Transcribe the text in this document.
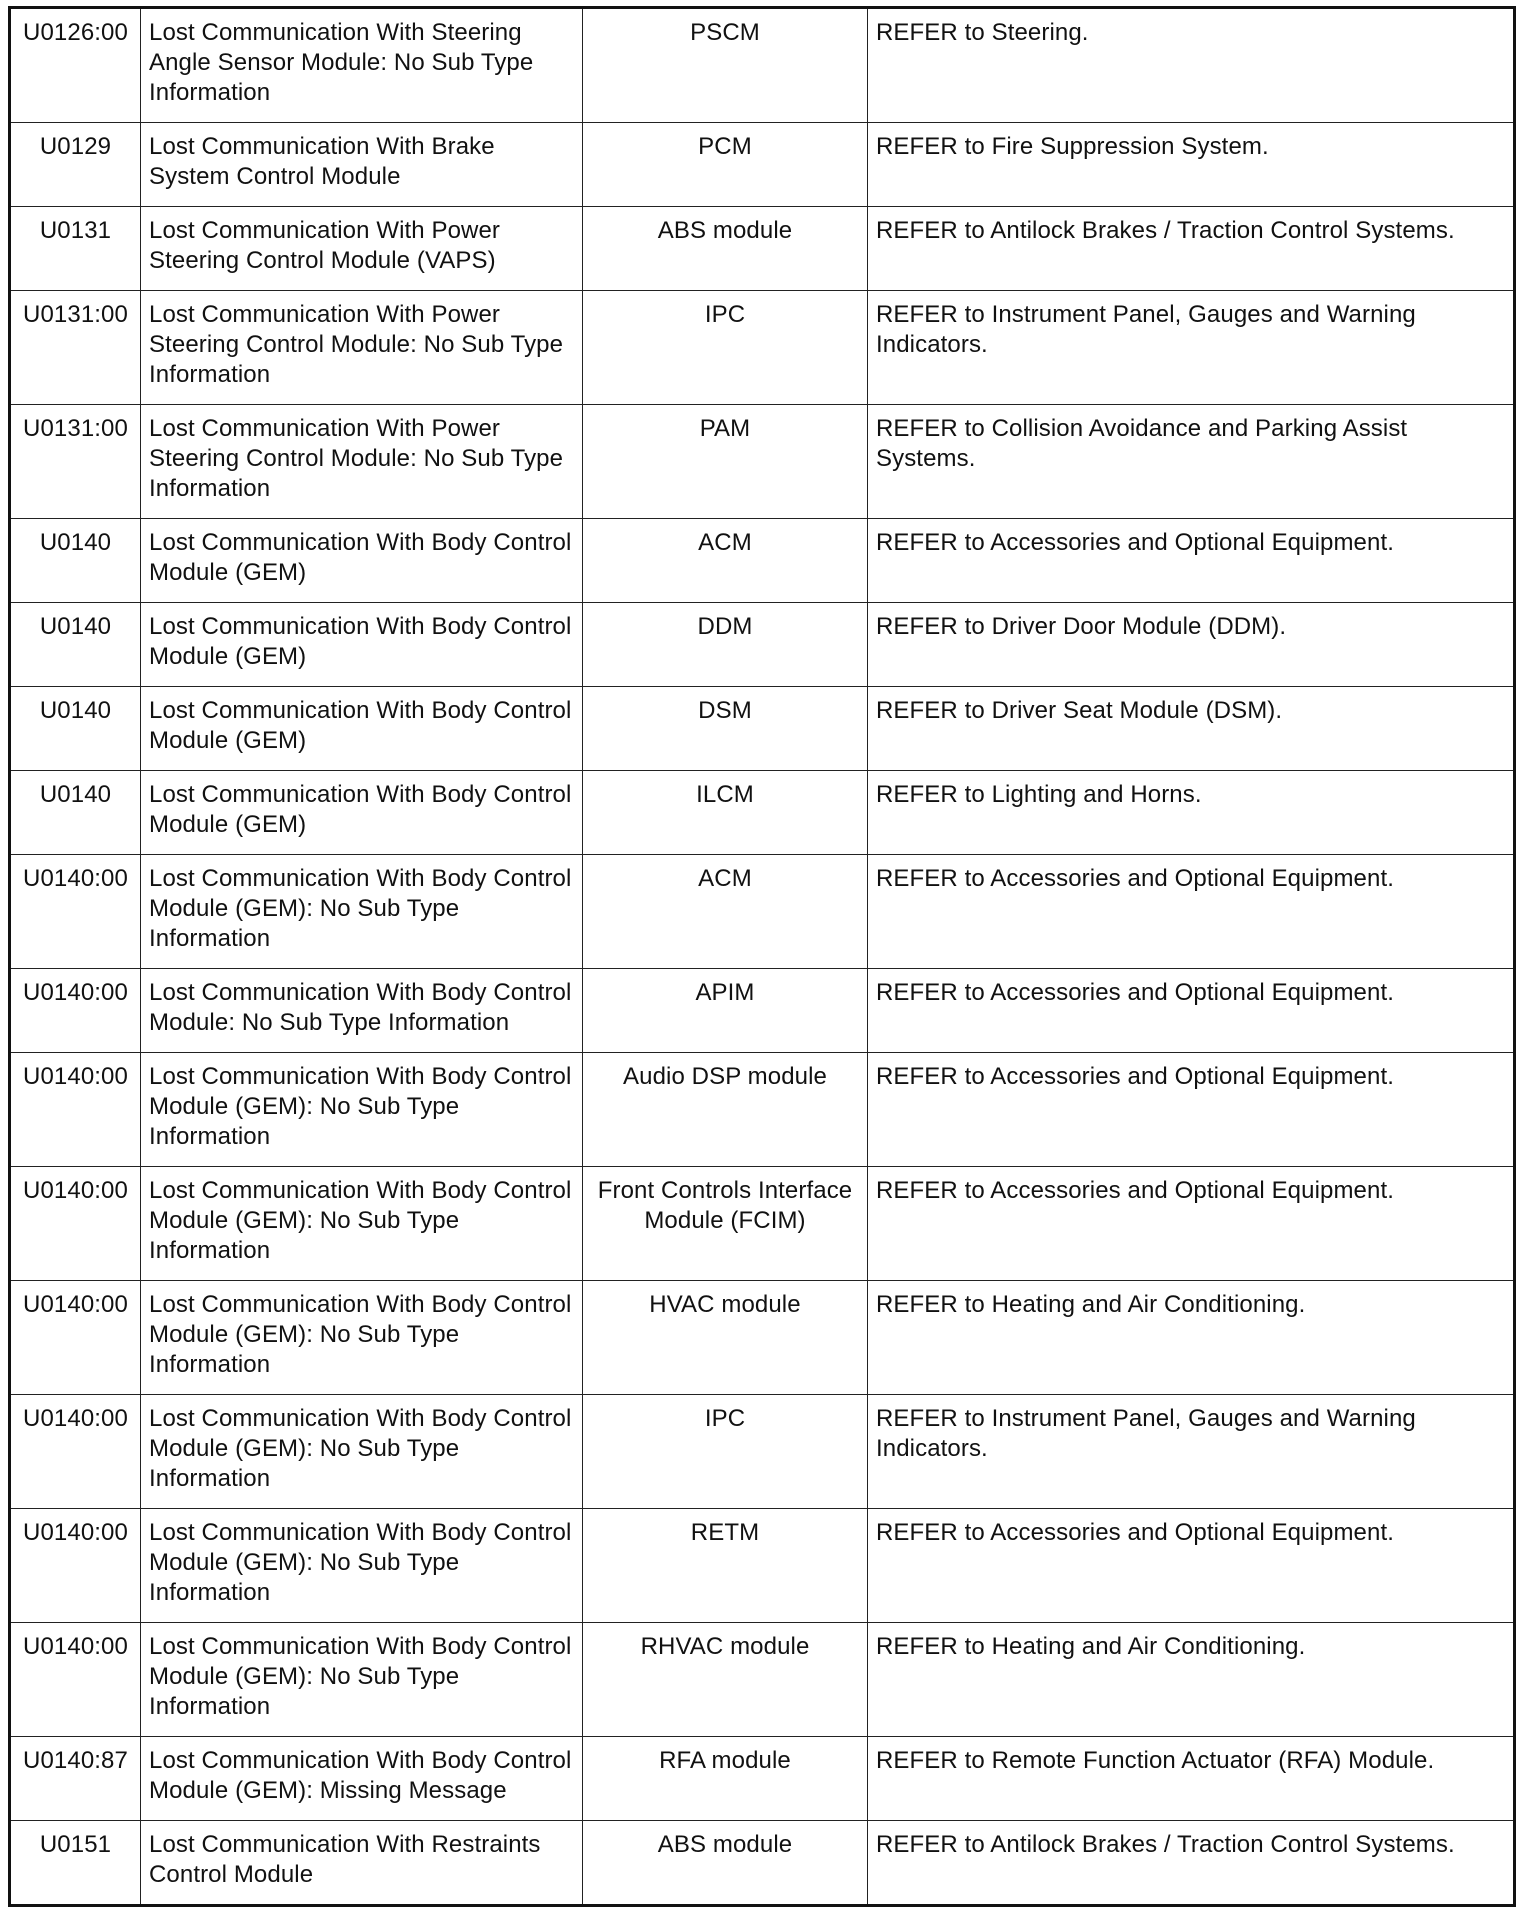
U0126:00	Lost Communication With Steering Angle Sensor Module: No Sub Type Information	PSCM	REFER to Steering.
U0129	Lost Communication With Brake System Control Module	PCM	REFER to Fire Suppression System.
U0131	Lost Communication With Power Steering Control Module (VAPS)	ABS module	REFER to Antilock Brakes / Traction Control Systems.
U0131:00	Lost Communication With Power Steering Control Module: No Sub Type Information	IPC	REFER to Instrument Panel, Gauges and Warning Indicators.
U0131:00	Lost Communication With Power Steering Control Module: No Sub Type Information	PAM	REFER to Collision Avoidance and Parking Assist Systems.
U0140	Lost Communication With Body Control Module (GEM)	ACM	REFER to Accessories and Optional Equipment.
U0140	Lost Communication With Body Control Module (GEM)	DDM	REFER to Driver Door Module (DDM).
U0140	Lost Communication With Body Control Module (GEM)	DSM	REFER to Driver Seat Module (DSM).
U0140	Lost Communication With Body Control Module (GEM)	ILCM	REFER to Lighting and Horns.
U0140:00	Lost Communication With Body Control Module (GEM): No Sub Type Information	ACM	REFER to Accessories and Optional Equipment.
U0140:00	Lost Communication With Body Control Module: No Sub Type Information	APIM	REFER to Accessories and Optional Equipment.
U0140:00	Lost Communication With Body Control Module (GEM): No Sub Type Information	Audio DSP module	REFER to Accessories and Optional Equipment.
U0140:00	Lost Communication With Body Control Module (GEM): No Sub Type Information	Front Controls Interface Module (FCIM)	REFER to Accessories and Optional Equipment.
U0140:00	Lost Communication With Body Control Module (GEM): No Sub Type Information	HVAC module	REFER to Heating and Air Conditioning.
U0140:00	Lost Communication With Body Control Module (GEM): No Sub Type Information	IPC	REFER to Instrument Panel, Gauges and Warning Indicators.
U0140:00	Lost Communication With Body Control Module (GEM): No Sub Type Information	RETM	REFER to Accessories and Optional Equipment.
U0140:00	Lost Communication With Body Control Module (GEM): No Sub Type Information	RHVAC module	REFER to Heating and Air Conditioning.
U0140:87	Lost Communication With Body Control Module (GEM): Missing Message	RFA module	REFER to Remote Function Actuator (RFA) Module.
U0151	Lost Communication With Restraints Control Module	ABS module	REFER to Antilock Brakes / Traction Control Systems.
